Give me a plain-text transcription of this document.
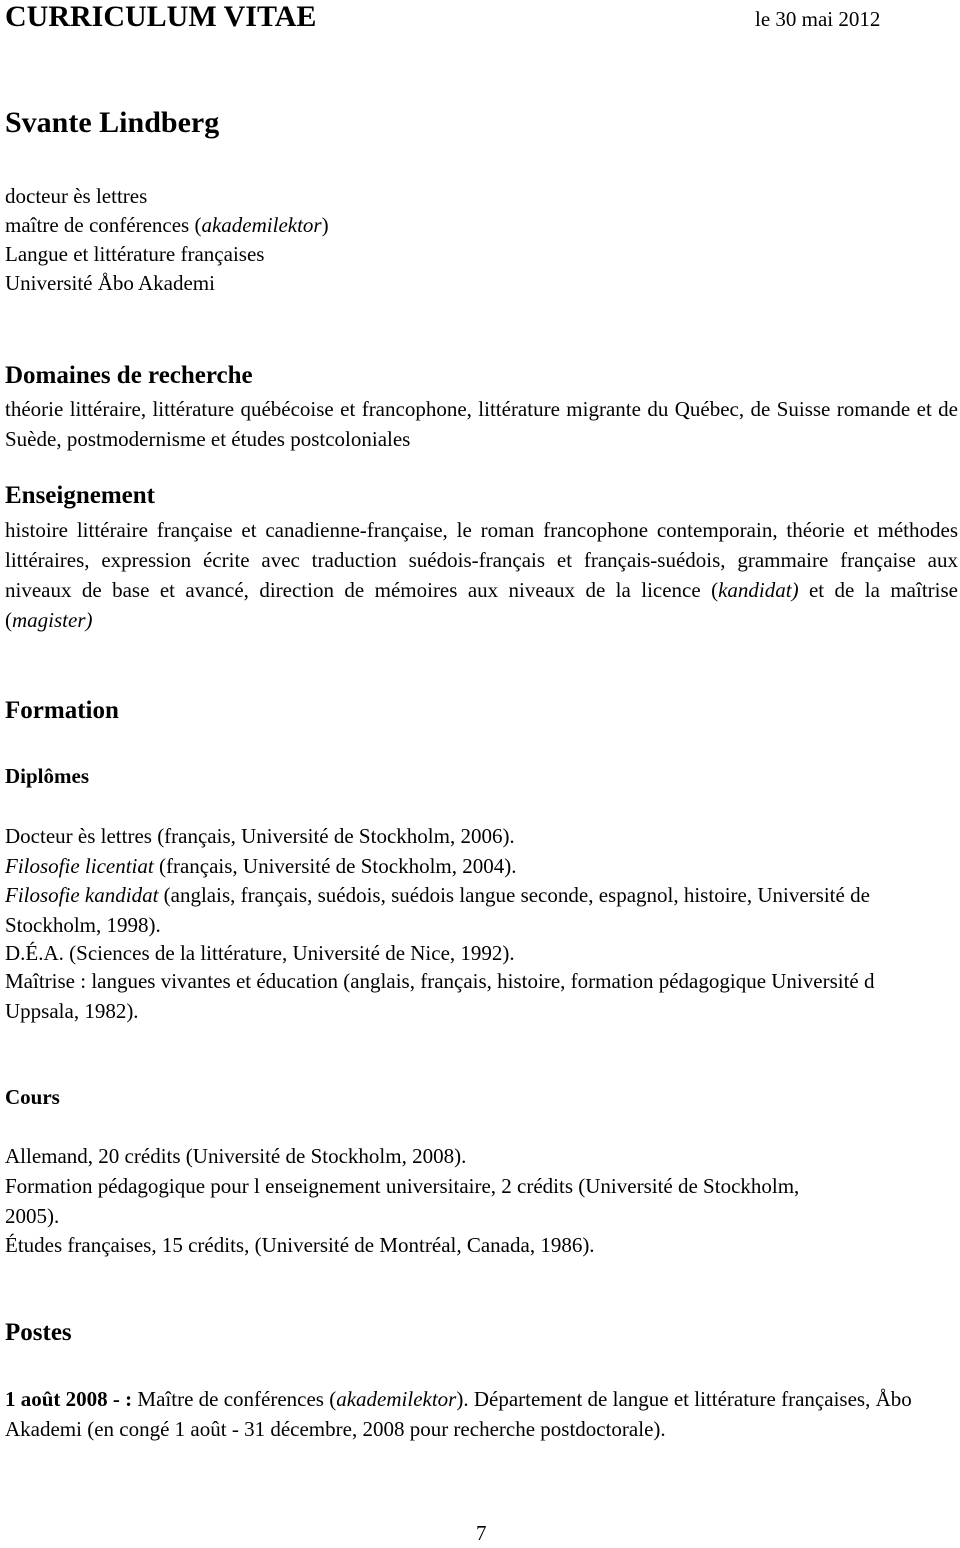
CURRICULUM VITAE	le 30 mai 2012
Svante Lindberg
docteur ès lettres
maître de conférences (akademilektor)
Langue et littérature françaises
Université Åbo Akademi
Domaines de recherche
théorie littéraire, littérature québécoise et francophone, littérature migrante du Québec, de Suisse romande et de Suède, postmodernisme et études postcoloniales
Enseignement
histoire littéraire française et canadienne-française, le roman francophone contemporain, théorie et méthodes littéraires, expression écrite avec traduction suédois-français et français-suédois, grammaire française aux niveaux de base et avancé, direction de mémoires aux niveaux de la licence (kandidat) et de la maîtrise (magister)
Formation
Diplômes
Docteur ès lettres (français, Université de Stockholm, 2006).
Filosofie licentiat (français, Université de Stockholm, 2004).
Filosofie kandidat (anglais, français, suédois, suédois langue seconde, espagnol, histoire, Université de Stockholm, 1998).
D.É.A. (Sciences de la littérature, Université de Nice, 1992).
Maîtrise : langues vivantes et éducation (anglais, français, histoire, formation pédagogique Université d Uppsala, 1982).
Cours
Allemand, 20 crédits (Université de Stockholm, 2008).
Formation pédagogique pour l enseignement universitaire, 2 crédits (Université de Stockholm, 2005).
Études françaises, 15 crédits, (Université de Montréal, Canada, 1986).
Postes
1 août 2008 - : Maître de conférences (akademilektor). Département de langue et littérature françaises, Åbo Akademi (en congé 1 août - 31 décembre, 2008 pour recherche postdoctorale).
7
